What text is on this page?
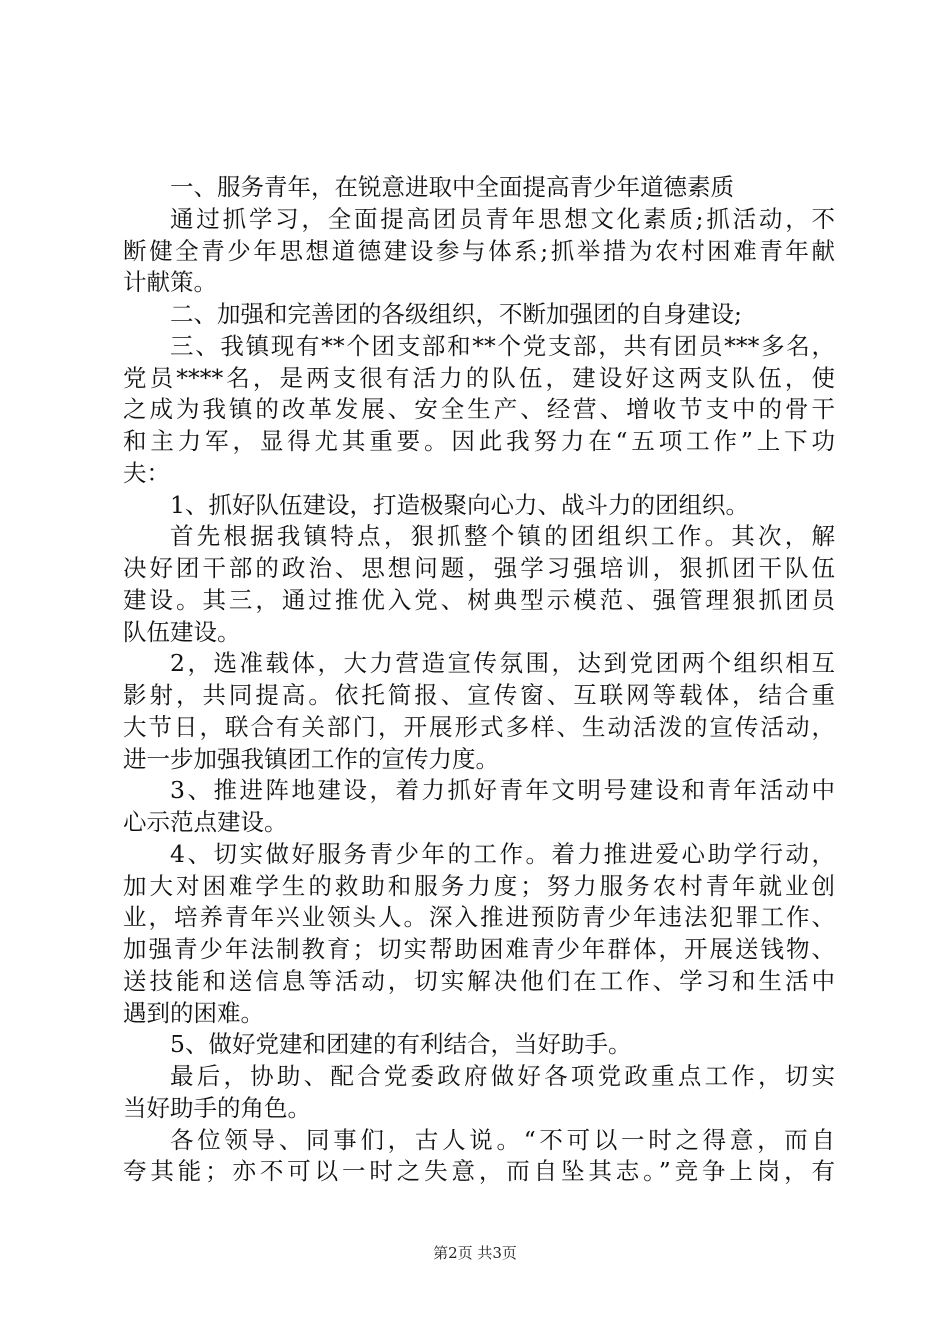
一、服务青年，在锐意进取中全面提高青少年道德素质
通过抓学习，全面提高团员青年思想文化素质;抓活动，不
断健全青少年思想道德建设参与体系;抓举措为农村困难青年献
计献策。
二、加强和完善团的各级组织，不断加强团的自身建设;
三、我镇现有**个团支部和**个党支部，共有团员***多名，
党员****名，是两支很有活力的队伍，建设好这两支队伍，使
之成为我镇的改革发展、安全生产、经营、增收节支中的骨干
和主力军，显得尤其重要。因此我努力在“五项工作”上下功
夫：
1、抓好队伍建设，打造极聚向心力、战斗力的团组织。
首先根据我镇特点，狠抓整个镇的团组织工作。其次，解
决好团干部的政治、思想问题，强学习强培训，狠抓团干队伍
建设。其三，通过推优入党、树典型示模范、强管理狠抓团员
队伍建设。
2，选准载体，大力营造宣传氛围，达到党团两个组织相互
影射，共同提高。依托简报、宣传窗、互联网等载体，结合重
大节日，联合有关部门，开展形式多样、生动活泼的宣传活动，
进一步加强我镇团工作的宣传力度。
3、推进阵地建设，着力抓好青年文明号建设和青年活动中
心示范点建设。
4、切实做好服务青少年的工作。着力推进爱心助学行动，
加大对困难学生的救助和服务力度；努力服务农村青年就业创
业，培养青年兴业领头人。深入推进预防青少年违法犯罪工作、
加强青少年法制教育；切实帮助困难青少年群体，开展送钱物、
送技能和送信息等活动，切实解决他们在工作、学习和生活中
遇到的困难。
5、做好党建和团建的有利结合，当好助手。
最后，协助、配合党委政府做好各项党政重点工作，切实
当好助手的角色。
各位领导、同事们，古人说。“不可以一时之得意，而自
夸其能；亦不可以一时之失意，而自坠其志。”竞争上岗，有
第2页 共3页
